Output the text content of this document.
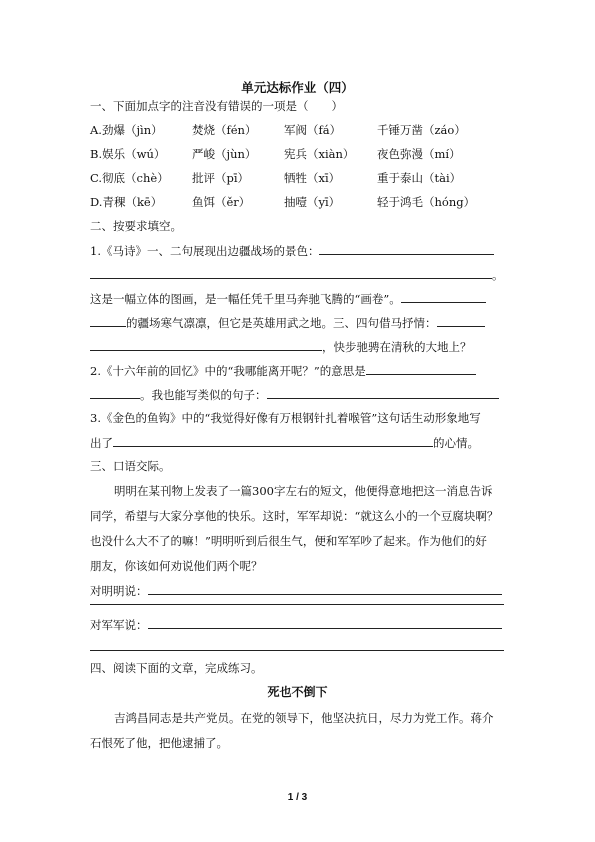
单元达标作业（四）
一、下面加点字的注音没有错误的一项是（　　）
A.劲爆（jìn）	焚烧（fén） 军阀（fá）	千锤万凿（záo）
B.娱乐（wú） 严峻（jùn） 宪兵（xiàn） 夜色弥漫（mí）
C.彻底（chè） 批评（pī）	牺牲（xī）	重于泰山（tài）
D.青稞（kē）	鱼饵（ěr）	抽噎（yī）	轻于鸿毛（hóng）
二、按要求填空。
1.《马诗》一、二句展现出边疆战场的景色：
。
这是一幅立体的图画，是一幅任凭千里马奔驰飞腾的“画卷”。
的疆场寒气凛凛，但它是英雄用武之地。三、四句借马抒情：
，快步驰骋在清秋的大地上？
2.《十六年前的回忆》中的“我哪能离开呢？”的意思是
。我也能写类似的句子：
3.《金色的鱼钩》中的“我觉得好像有万根钢针扎着喉管”这句话生动形象地写
出了	的心情。
三、口语交际。
明明在某刊物上发表了一篇300字左右的短文，他便得意地把这一消息告诉
同学，希望与大家分享他的快乐。这时，军军却说：“就这么小的一个豆腐块啊？
也没什么大不了的嘛！”明明听到后很生气，便和军军吵了起来。作为他们的好
朋友，你该如何劝说他们两个呢？
对明明说：
对军军说：
四、阅读下面的文章，完成练习。
死也不倒下
吉鸿昌同志是共产党员。在党的领导下，他坚决抗日，尽力为党工作。蒋介
石恨死了他，把他逮捕了。
1 / 3
